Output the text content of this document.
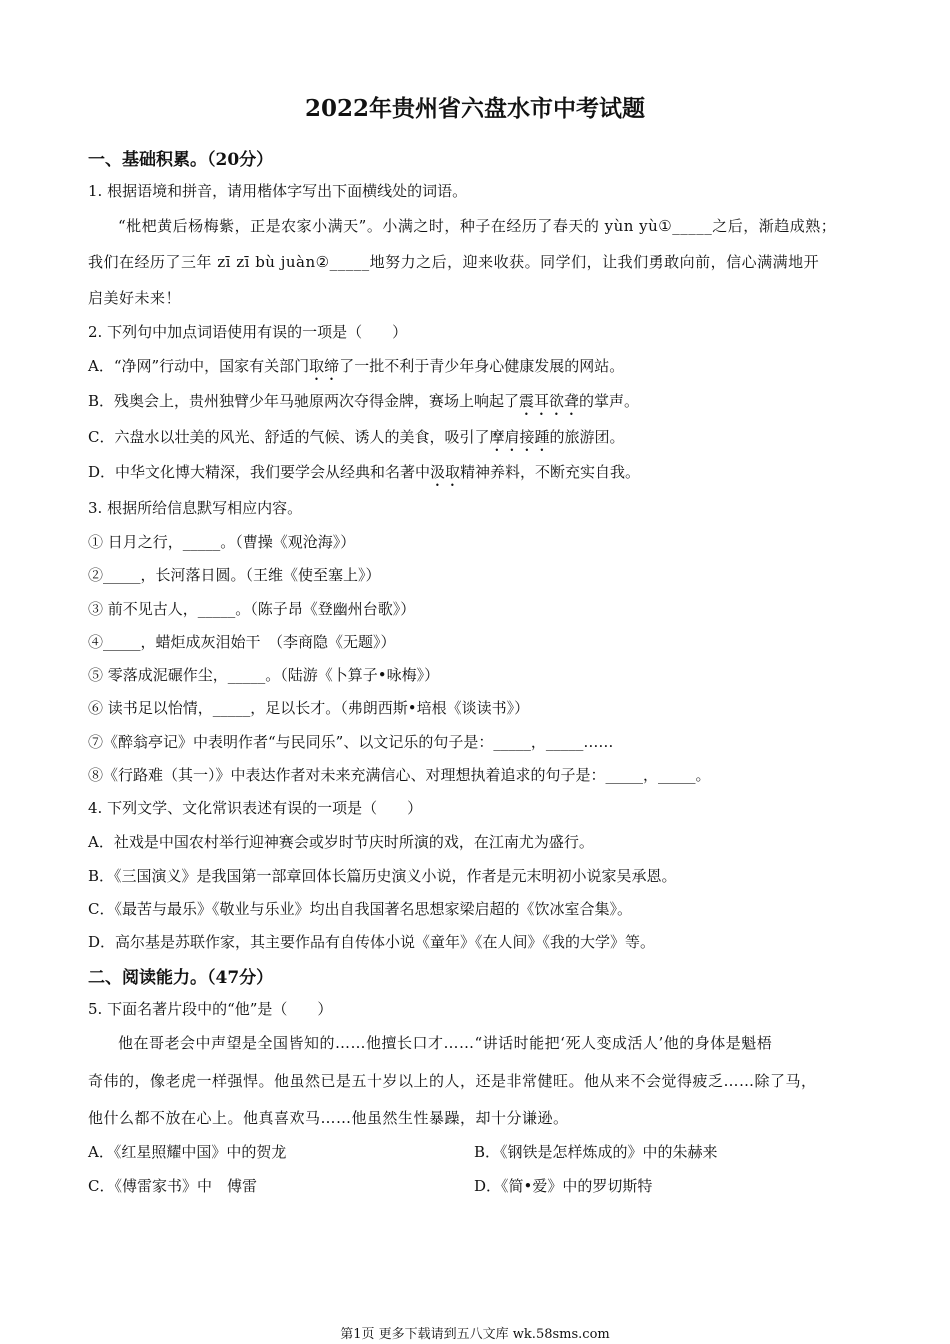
2022年贵州省六盘水市中考试题
一、基础积累。（20分）
1. 根据语境和拼音，请用楷体字写出下面横线处的词语。
“枇杷黄后杨梅紫，正是农家小满天”。小满之时，种子在经历了春天的 yùn yù①_____之后，渐趋成熟；
我们在经历了三年 zī zī bù juàn②_____地努力之后，迎来收获。同学们，让我们勇敢向前，信心满满地开
启美好未来！
2. 下列句中加点词语使用有误的一项是（　　）
A．“净网”行动中，国家有关部门取缔了一批不利于青少年身心健康发展的网站。
B．残奥会上，贵州独臂少年马驰原两次夺得金牌，赛场上响起了震耳欲聋的掌声。
C．六盘水以壮美的风光、舒适的气候、诱人的美食，吸引了摩肩接踵的旅游团。
D．中华文化博大精深，我们要学会从经典和名著中汲取精神养料，不断充实自我。
3. 根据所给信息默写相应内容。
① 日月之行，_____。（曹操《观沧海》）
②_____，长河落日圆。（王维《使至塞上》）
③ 前不见古人，_____。（陈子昂《登幽州台歌》）
④_____，蜡炬成灰泪始干　（李商隐《无题》）
⑤ 零落成泥碾作尘，_____。（陆游《卜算子•咏梅》）
⑥ 读书足以怡情，_____，足以长才。（弗朗西斯•培根《谈读书》）
⑦《醉翁亭记》中表明作者“与民同乐”、以文记乐的句子是：_____，_____……
⑧《行路难（其一）》中表达作者对未来充满信心、对理想执着追求的句子是：_____，_____。
4. 下列文学、文化常识表述有误的一项是（　　）
A．社戏是中国农村举行迎神赛会或岁时节庆时所演的戏，在江南尤为盛行。
B．《三国演义》是我国第一部章回体长篇历史演义小说，作者是元末明初小说家吴承恩。
C．《最苦与最乐》《敬业与乐业》均出自我国著名思想家梁启超的《饮冰室合集》。
D．高尔基是苏联作家，其主要作品有自传体小说《童年》《在人间》《我的大学》等。
二、阅读能力。（47分）
5. 下面名著片段中的“他”是（　　）
他在哥老会中声望是全国皆知的……他擅长口才……“讲话时能把‘死人变成活人’他的身体是魁梧
奇伟的，像老虎一样强悍。他虽然已是五十岁以上的人，还是非常健旺。他从来不会觉得疲乏……除了马，
他什么都不放在心上。他真喜欢马……他虽然生性暴躁，却十分谦逊。
A．《红星照耀中国》中的贺龙	B．《钢铁是怎样炼成的》中的朱赫来
C．《傅雷家书》中　傅雷	D．《简•爱》中的罗切斯特
第1页 更多下载请到五八文库 wk.58sms.com
